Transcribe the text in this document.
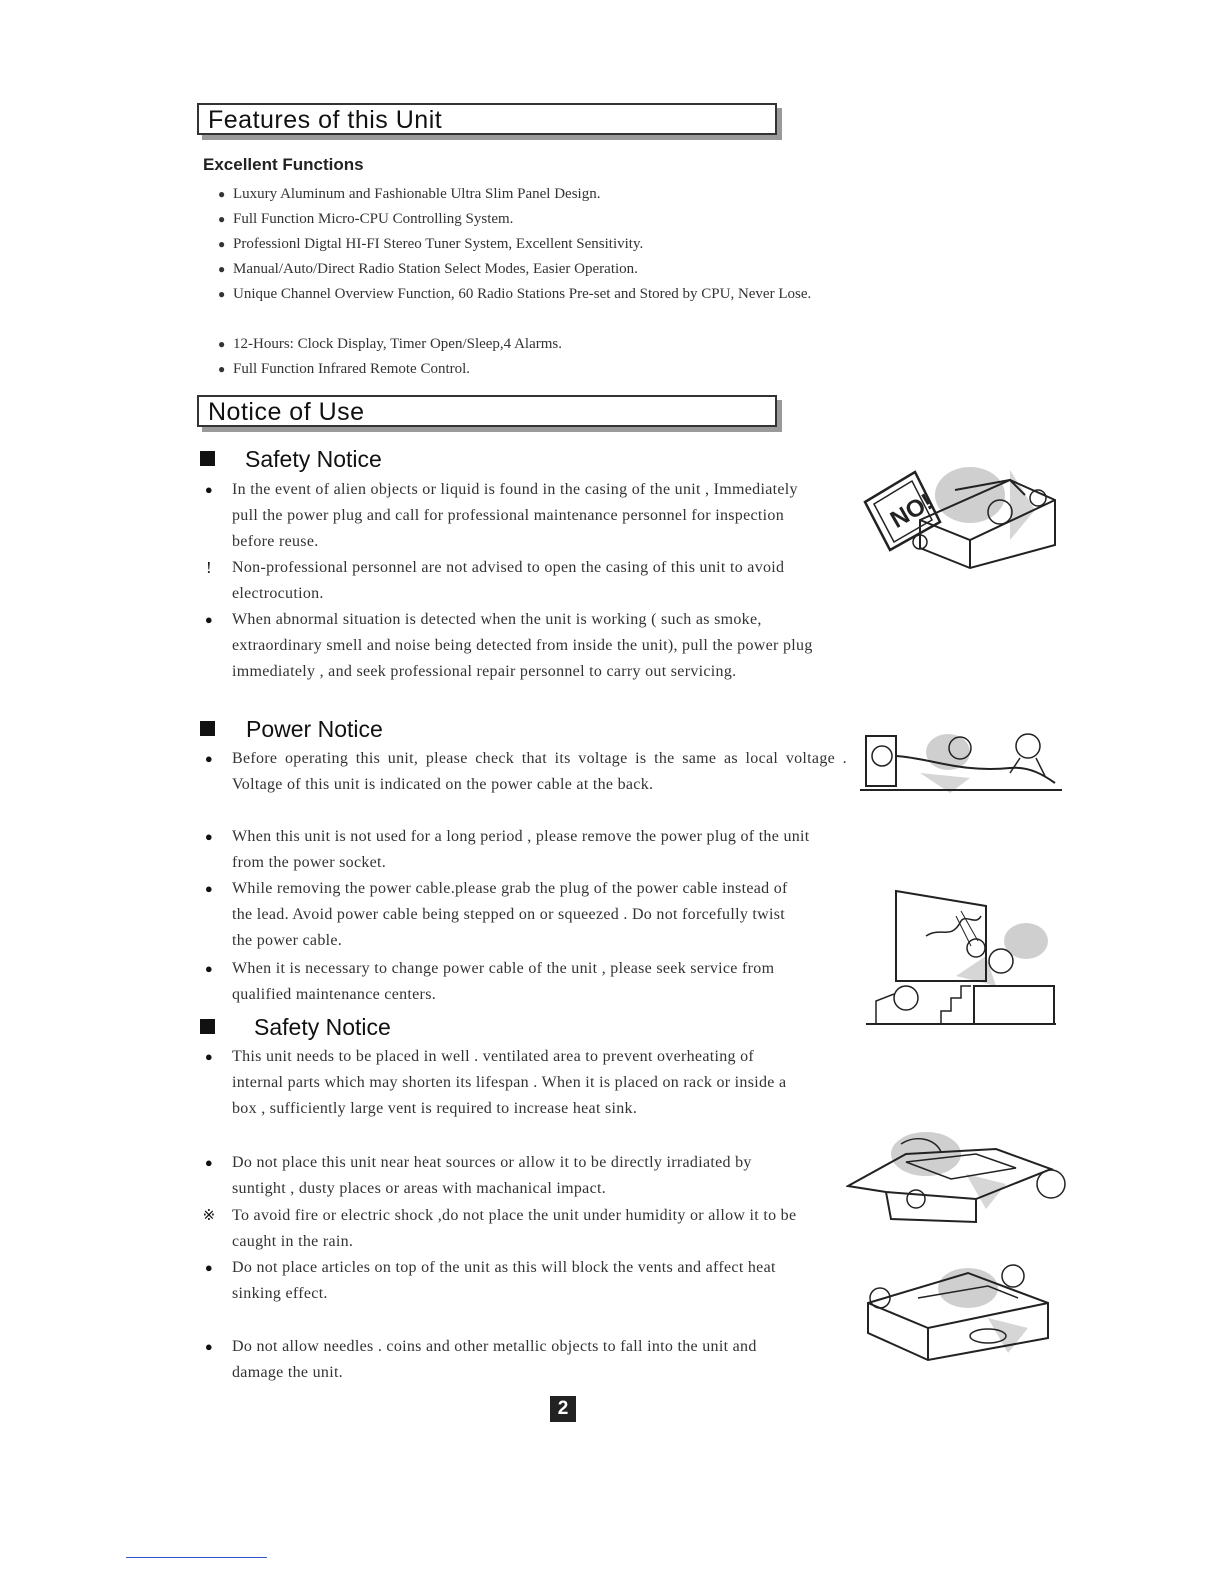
Features of this Unit
Excellent Functions
● Luxury Aluminum and Fashionable Ultra Slim Panel Design.
● Full Function Micro-CPU Controlling System.
● Professionl Digtal HI-FI Stereo Tuner System, Excellent Sensitivity.
● Manual/Auto/Direct Radio Station Select Modes, Easier Operation.
● Unique Channel Overview Function, 60 Radio Stations Pre-set and Stored by CPU, Never Lose.
● 12-Hours: Clock Display, Timer Open/Sleep,4 Alarms.
● Full Function Infrared Remote Control.
Notice of Use
Safety Notice
●	In the event of alien objects or liquid is found in the casing of the unit , Immediately pull the power plug and call for professional maintenance personnel for inspection before reuse.
!	Non-professional personnel are not advised to open the casing of this unit to avoid electrocution.
●	When abnormal situation is detected when the unit is working ( such as smoke, extraordinary smell and noise being detected from inside the unit), pull the power plug immediately , and seek professional repair personnel to carry out servicing.
Power Notice
●	Before operating this unit, please check that its voltage is the same as local voltage . Voltage of this unit is indicated on the power cable at the back.
●	When this unit is not used for a long period , please remove the power plug of the unit from the power socket.
●	While removing the power cable.please grab the plug of the power cable instead of the lead. Avoid power cable being stepped on or squeezed . Do not forcefully twist the power cable.
●	When it is necessary to change power cable of the unit , please seek service from qualified maintenance centers.
Safety Notice
●	This unit needs to be placed in well . ventilated area to prevent overheating of internal parts which may shorten its lifespan . When it is placed on rack or inside a box , sufficiently large vent is required to increase heat sink.
●	Do not place this unit near heat sources or allow it to be directly irradiated by suntight , dusty places or areas with machanical impact.
※ To avoid fire or electric shock ,do not place the unit under humidity or allow it to be caught in the rain.
●	Do not place articles on top of the unit as this will block the vents and affect heat sinking effect.
●	Do not allow needles . coins and other metallic objects to fall into the unit and damage the unit.
NO!
2
